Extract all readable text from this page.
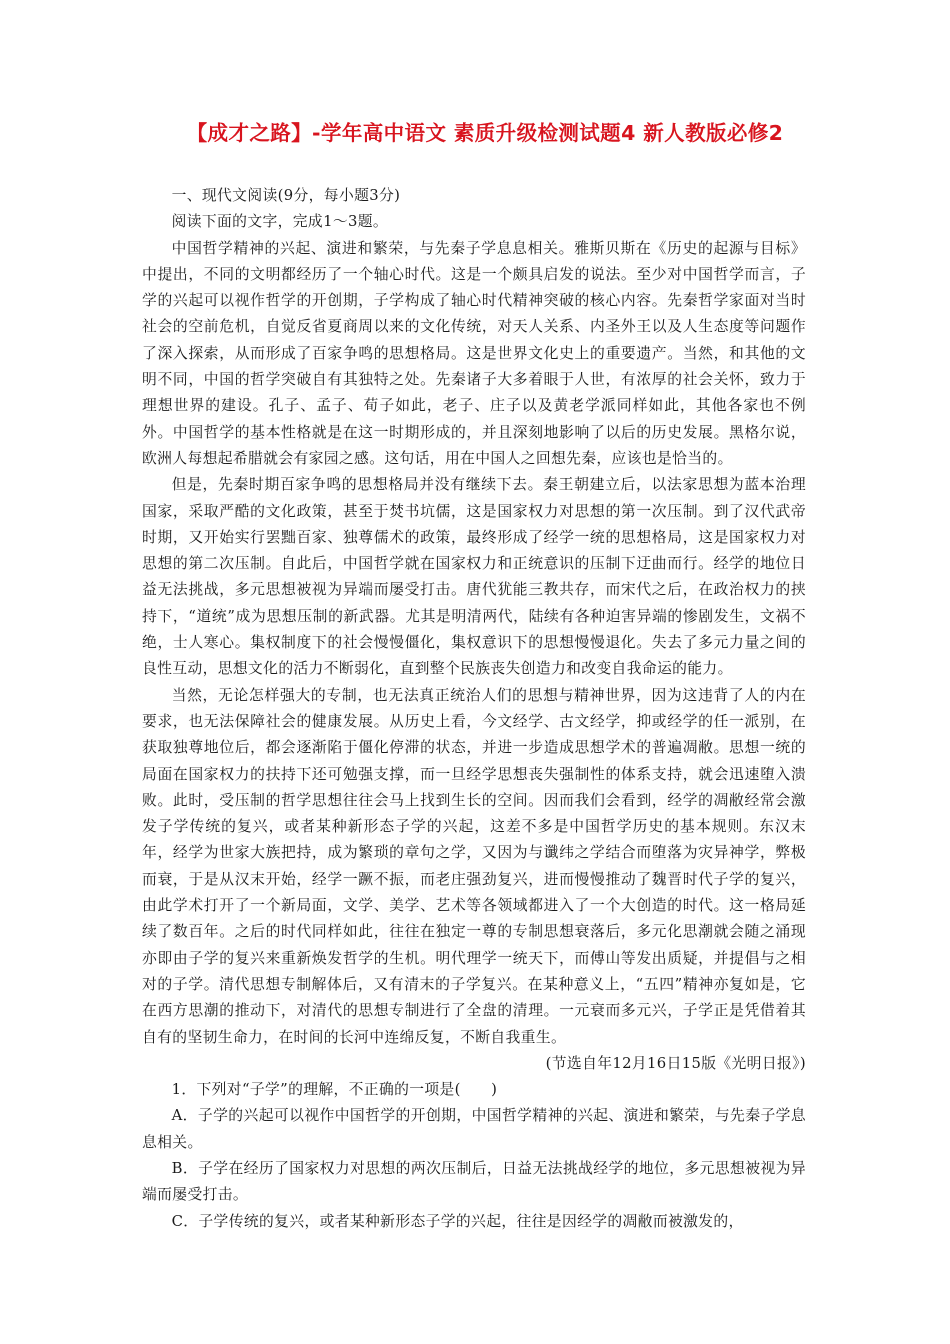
【成才之路】-学年高中语文 素质升级检测试题4 新人教版必修2

一、现代文阅读(9分，每小题3分)

阅读下面的文字，完成1～3题。

中国哲学精神的兴起、演进和繁荣，与先秦子学息息相关。雅斯贝斯在《历史的起源与目标》中提出，不同的文明都经历了一个轴心时代。这是一个颇具启发的说法。至少对中国哲学而言，子学的兴起可以视作哲学的开创期，子学构成了轴心时代精神突破的核心内容。先秦哲学家面对当时社会的空前危机，自觉反省夏商周以来的文化传统，对天人关系、内圣外王以及人生态度等问题作了深入探索，从而形成了百家争鸣的思想格局。这是世界文化史上的重要遗产。当然，和其他的文明不同，中国的哲学突破自有其独特之处。先秦诸子大多着眼于人世，有浓厚的社会关怀，致力于理想世界的建设。孔子、孟子、荀子如此，老子、庄子以及黄老学派同样如此，其他各家也不例外。中国哲学的基本性格就是在这一时期形成的，并且深刻地影响了以后的历史发展。黑格尔说，欧洲人每想起希腊就会有家园之感。这句话，用在中国人之回想先秦，应该也是恰当的。

但是，先秦时期百家争鸣的思想格局并没有继续下去。秦王朝建立后，以法家思想为蓝本治理国家，采取严酷的文化政策，甚至于焚书坑儒，这是国家权力对思想的第一次压制。到了汉代武帝时期，又开始实行罢黜百家、独尊儒术的政策，最终形成了经学一统的思想格局，这是国家权力对思想的第二次压制。自此后，中国哲学就在国家权力和正统意识的压制下迂曲而行。经学的地位日益无法挑战，多元思想被视为异端而屡受打击。唐代犹能三教共存，而宋代之后，在政治权力的挟持下，“道统”成为思想压制的新武器。尤其是明清两代，陆续有各种迫害异端的惨剧发生，文祸不绝，士人寒心。集权制度下的社会慢慢僵化，集权意识下的思想慢慢退化。失去了多元力量之间的良性互动，思想文化的活力不断弱化，直到整个民族丧失创造力和改变自我命运的能力。

当然，无论怎样强大的专制，也无法真正统治人们的思想与精神世界，因为这违背了人的内在要求，也无法保障社会的健康发展。从历史上看，今文经学、古文经学，抑或经学的任一派别，在获取独尊地位后，都会逐渐陷于僵化停滞的状态，并进一步造成思想学术的普遍凋敝。思想一统的局面在国家权力的扶持下还可勉强支撑，而一旦经学思想丧失强制性的体系支持，就会迅速堕入溃败。此时，受压制的哲学思想往往会马上找到生长的空间。因而我们会看到，经学的凋敝经常会激发子学传统的复兴，或者某种新形态子学的兴起，这差不多是中国哲学历史的基本规则。东汉末年，经学为世家大族把持，成为繁琐的章句之学，又因为与谶纬之学结合而堕落为灾异神学，弊极而衰，于是从汉末开始，经学一蹶不振，而老庄强劲复兴，进而慢慢推动了魏晋时代子学的复兴，由此学术打开了一个新局面，文学、美学、艺术等各领域都进入了一个大创造的时代。这一格局延续了数百年。之后的时代同样如此，往往在独定一尊的专制思想衰落后，多元化思潮就会随之涌现亦即由子学的复兴来重新焕发哲学的生机。明代理学一统天下，而傅山等发出质疑，并提倡与之相对的子学。清代思想专制解体后，又有清末的子学复兴。在某种意义上，“五四”精神亦复如是，它在西方思潮的推动下，对清代的思想专制进行了全盘的清理。一元衰而多元兴，子学正是凭借着其自有的坚韧生命力，在时间的长河中连绵反复，不断自我重生。

(节选自年12月16日15版《光明日报》)

1．下列对“子学”的理解，不正确的一项是(　　)

A．子学的兴起可以视作中国哲学的开创期，中国哲学精神的兴起、演进和繁荣，与先秦子学息息相关。

B．子学在经历了国家权力对思想的两次压制后，日益无法挑战经学的地位，多元思想被视为异端而屡受打击。

C．子学传统的复兴，或者某种新形态子学的兴起，往往是因经学的凋敝而被激发的，
